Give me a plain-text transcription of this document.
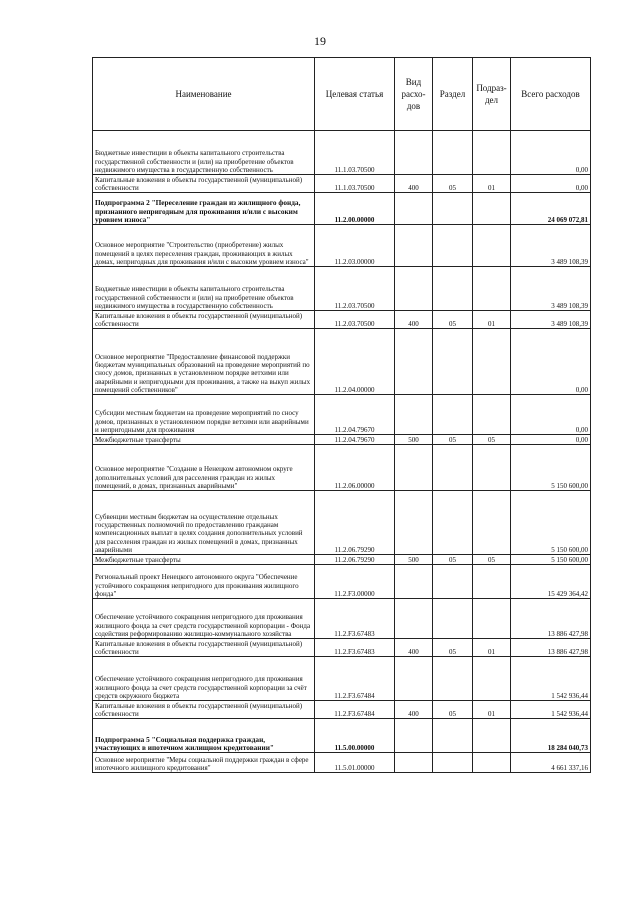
19
Наименование	Целевая статья	Вид расхо-дов	Раздел	Подраз-дел	Всего расходов
Бюджетные инвестиции в объекты капитального строительства государственной собственности и (или) на приобретение объектов недвижимого имущества в государственную собственность	11.1.03.70500				0,00
Капитальные вложения в объекты государственной (муниципальной) собственности	11.1.03.70500	400	05	01	0,00
Подпрограмма 2 "Переселение граждан из жилищного фонда, признанного непригодным для проживания и/или с высоким уровнем износа"	11.2.00.00000				24 069 072,81
Основное мероприятие "Строительство (приобретение) жилых помещений в целях переселения граждан, проживающих в жилых домах, непригодных для проживания и/или с высоким уровнем износа"	11.2.03.00000				3 489 108,39
Бюджетные инвестиции в объекты капитального строительства государственной собственности и (или) на приобретение объектов недвижимого имущества в государственную собственность	11.2.03.70500				3 489 108,39
Капитальные вложения в объекты государственной (муниципальной) собственности	11.2.03.70500	400	05	01	3 489 108,39
Основное мероприятие "Предоставление финансовой поддержки бюджетам муниципальных образований на проведение мероприятий по сносу домов, признанных в установленном порядке ветхими или аварийными и непригодными для проживания, а также на выкуп жилых помещений собственников"	11.2.04.00000				0,00
Субсидии местным бюджетам на проведение мероприятий по сносу домов, признанных в установленном порядке ветхими или аварийными и непригодными для проживания	11.2.04.79670				0,00
Межбюджетные трансферты	11.2.04.79670	500	05	05	0,00
Основное мероприятие "Создание в Ненецком автономном округе дополнительных условий для расселения граждан из жилых помещений, в домах, признанных аварийными"	11.2.06.00000				5 150 600,00
Субвенции местным бюджетам на осуществление отдельных государственных полномочий по предоставлению гражданам компенсационных выплат в целях создания дополнительных условий для расселения граждан из жилых помещений в домах, признанных аварийными	11.2.06.79290				5 150 600,00
Межбюджетные трансферты	11.2.06.79290	500	05	05	5 150 600,00
Региональный проект Ненецкого автономного округа "Обеспечение устойчивого сокращения непригодного для проживания жилищного фонда"	11.2.F3.00000				15 429 364,42
Обеспечение устойчивого сокращения непригодного для проживания жилищного фонда за счет средств государственной корпорации - Фонда содействия реформированию жилищно-коммунального хозяйства	11.2.F3.67483				13 886 427,98
Капитальные вложения в объекты государственной (муниципальной) собственности	11.2.F3.67483	400	05	01	13 886 427,98
Обеспечение устойчивого сокращения непригодного для проживания жилищного фонда за счет средств государственной корпорации за счёт средств окружного бюджета	11.2.F3.67484				1 542 936,44
Капитальные вложения в объекты государственной (муниципальной) собственности	11.2.F3.67484	400	05	01	1 542 936,44
Подпрограмма 5 "Социальная поддержка граждан, участвующих в ипотечном жилищном кредитовании"	11.5.00.00000				18 284 040,73
Основное мероприятие "Меры социальной поддержки граждан в сфере ипотечного жилищного кредитования"	11.5.01.00000				4 661 337,16
